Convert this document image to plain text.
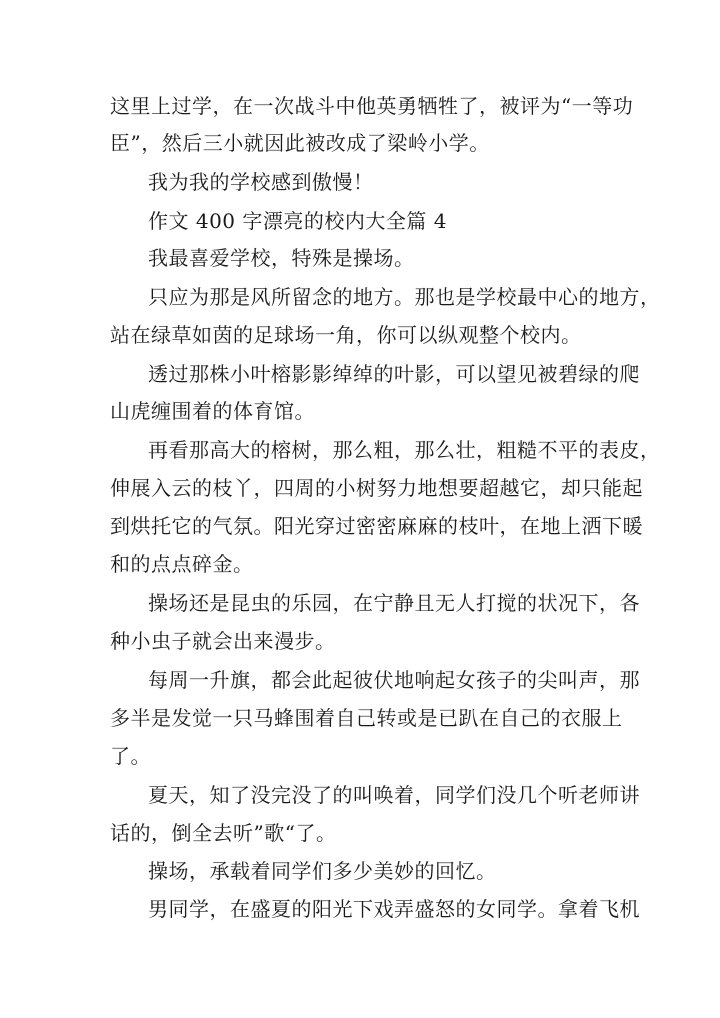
这里上过学，在一次战斗中他英勇牺牲了，被评为“一等功
臣”，然后三小就因此被改成了梁岭小学。
我为我的学校感到傲慢！
作文 400 字漂亮的校内大全篇 4
我最喜爱学校，特殊是操场。
只应为那是风所留念的地方。那也是学校最中心的地方，
站在绿草如茵的足球场一角，你可以纵观整个校内。
透过那株小叶榕影影绰绰的叶影，可以望见被碧绿的爬
山虎缠围着的体育馆。
再看那高大的榕树，那么粗，那么壮，粗糙不平的表皮，
伸展入云的枝丫，四周的小树努力地想要超越它，却只能起
到烘托它的气氛。阳光穿过密密麻麻的枝叶，在地上洒下暖
和的点点碎金。
操场还是昆虫的乐园，在宁静且无人打搅的状况下，各
种小虫子就会出来漫步。
每周一升旗，都会此起彼伏地响起女孩子的尖叫声，那
多半是发觉一只马蜂围着自己转或是已趴在自己的衣服上
了。
夏天，知了没完没了的叫唤着，同学们没几个听老师讲
话的，倒全去听”歌“了。
操场，承载着同学们多少美妙的回忆。
男同学，在盛夏的阳光下戏弄盛怒的女同学。拿着飞机
